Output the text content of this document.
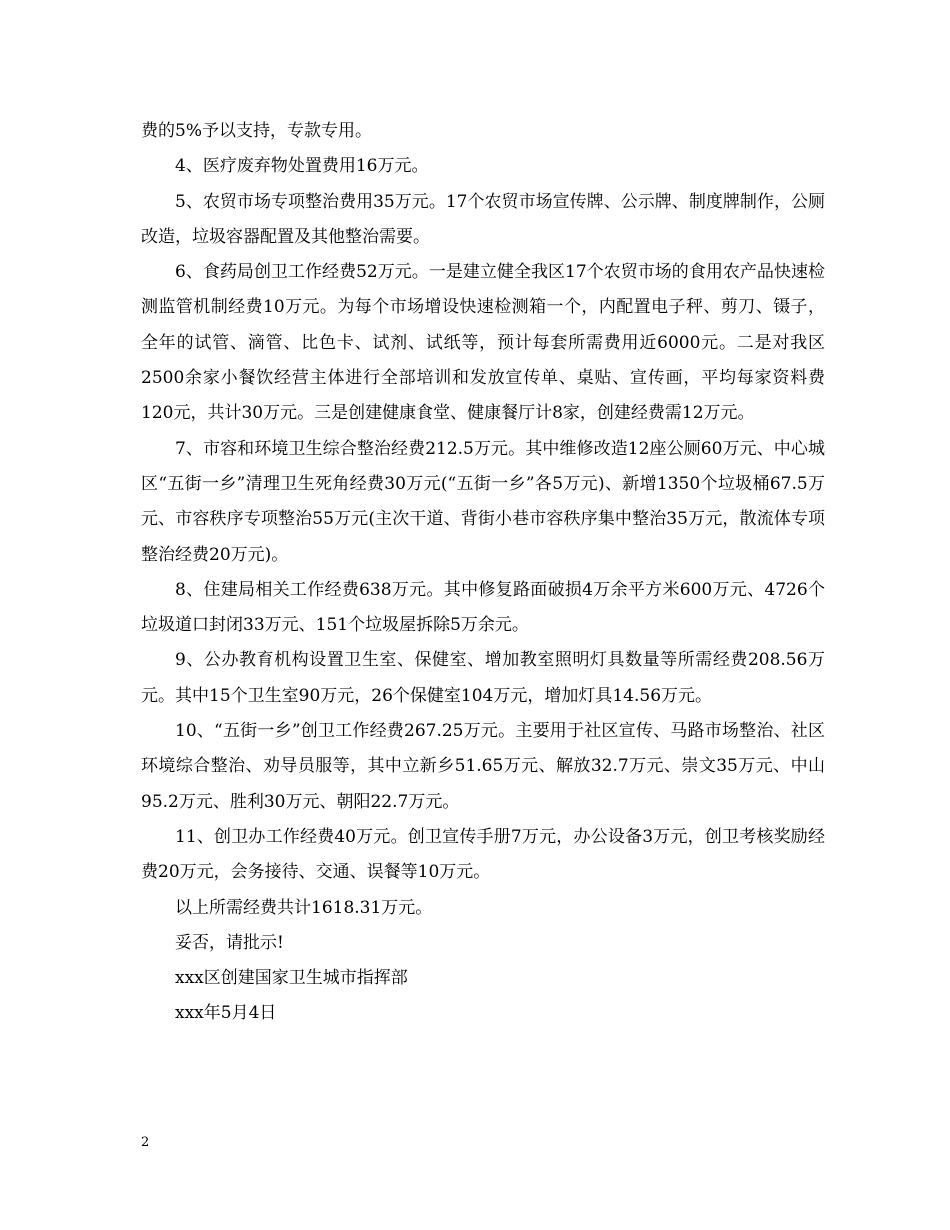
费的5%予以支持，专款专用。

4、医疗废弃物处置费用16万元。

5、农贸市场专项整治费用35万元。17个农贸市场宣传牌、公示牌、制度牌制作，公厕改造，垃圾容器配置及其他整治需要。

6、食药局创卫工作经费52万元。一是建立健全我区17个农贸市场的食用农产品快速检测监管机制经费10万元。为每个市场增设快速检测箱一个，内配置电子秤、剪刀、镊子，全年的试管、滴管、比色卡、试剂、试纸等，预计每套所需费用近6000元。二是对我区2500余家小餐饮经营主体进行全部培训和发放宣传单、桌贴、宣传画，平均每家资料费120元，共计30万元。三是创建健康食堂、健康餐厅计8家，创建经费需12万元。

7、市容和环境卫生综合整治经费212.5万元。其中维修改造12座公厕60万元、中心城区“五街一乡”清理卫生死角经费30万元(“五街一乡”各5万元)、新增1350个垃圾桶67.5万元、市容秩序专项整治55万元(主次干道、背街小巷市容秩序集中整治35万元，散流体专项整治经费20万元)。

8、住建局相关工作经费638万元。其中修复路面破损4万余平方米600万元、4726个垃圾道口封闭33万元、151个垃圾屋拆除5万余元。

9、公办教育机构设置卫生室、保健室、增加教室照明灯具数量等所需经费208.56万元。其中15个卫生室90万元，26个保健室104万元，增加灯具14.56万元。

10、“五街一乡”创卫工作经费267.25万元。主要用于社区宣传、马路市场整治、社区环境综合整治、劝导员服等，其中立新乡51.65万元、解放32.7万元、崇文35万元、中山95.2万元、胜利30万元、朝阳22.7万元。

11、创卫办工作经费40万元。创卫宣传手册7万元，办公设备3万元，创卫考核奖励经费20万元，会务接待、交通、误餐等10万元。

以上所需经费共计1618.31万元。

妥否，请批示!

xxx区创建国家卫生城市指挥部

xxx年5月4日

2
